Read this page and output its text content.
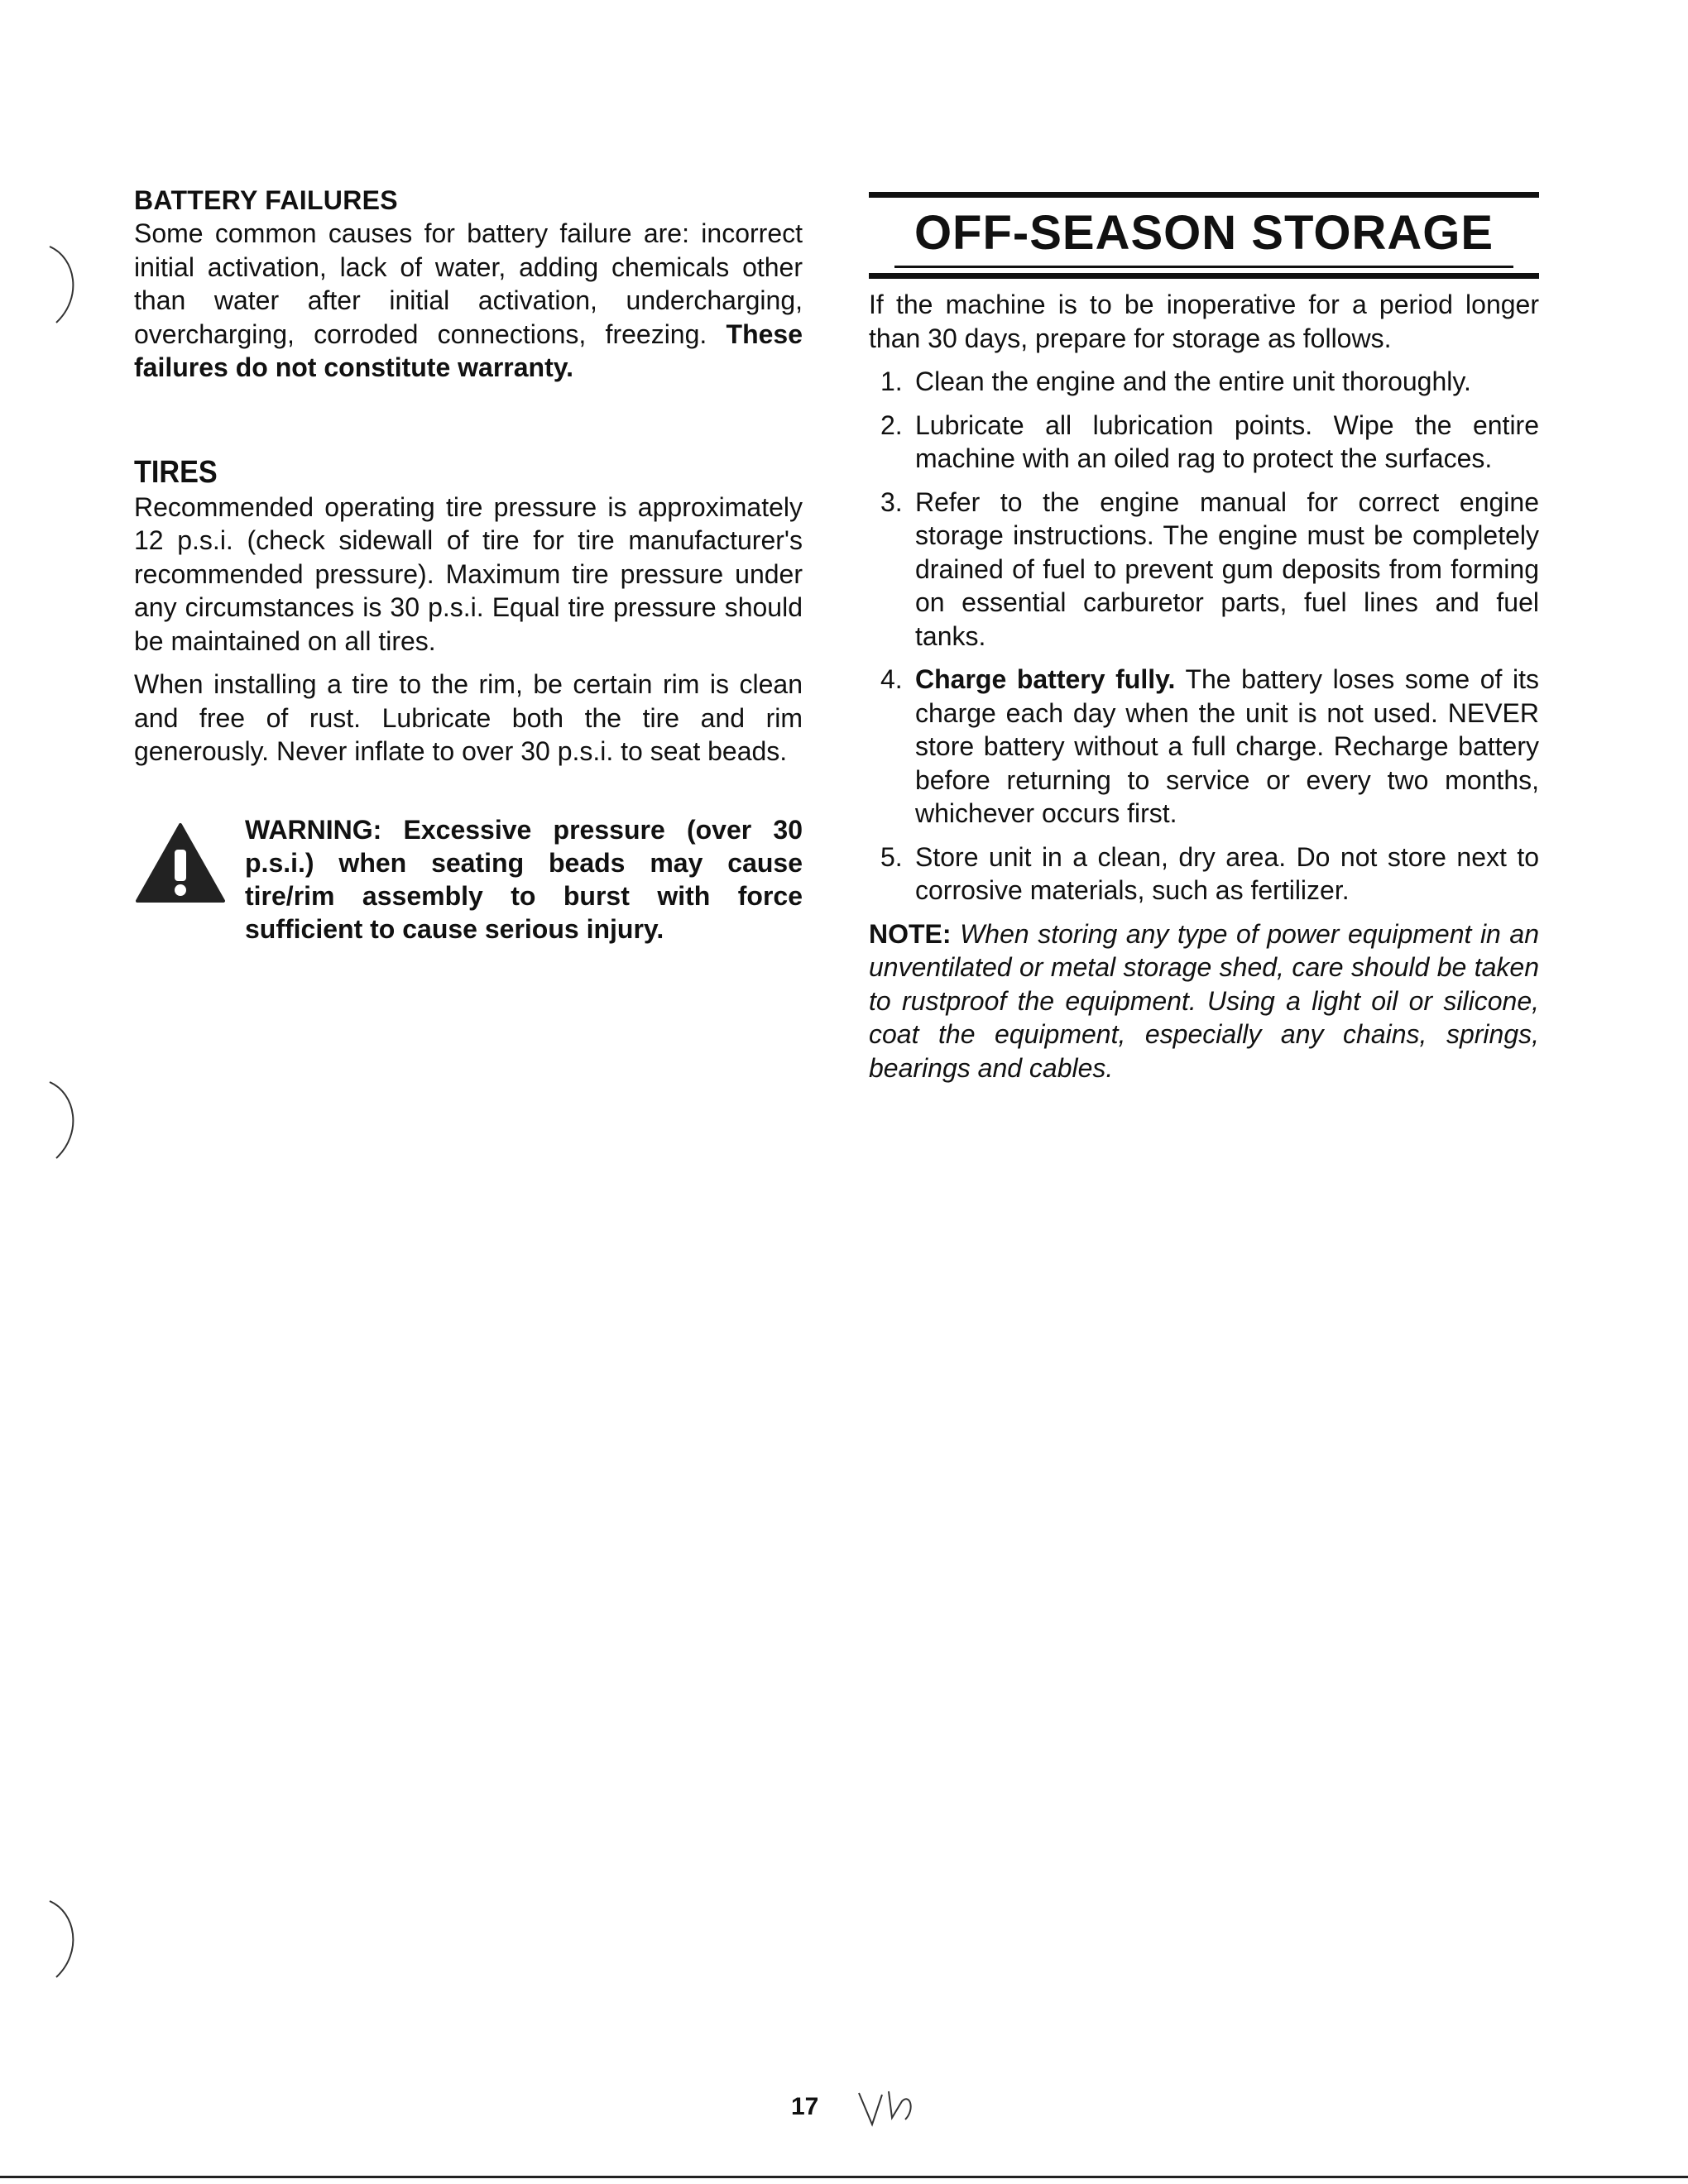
BATTERY FAILURES

Some common causes for battery failure are: incorrect initial activation, lack of water, adding chemicals other than water after initial activation, undercharging, overcharging, corroded connections, freezing. These failures do not constitute warranty.

TIRES

Recommended operating tire pressure is approximately 12 p.s.i. (check sidewall of tire for tire manufacturer's recommended pressure). Maximum tire pressure under any circumstances is 30 p.s.i. Equal tire pressure should be maintained on all tires.

When installing a tire to the rim, be certain rim is clean and free of rust. Lubricate both the tire and rim generously. Never inflate to over 30 p.s.i. to seat beads.

WARNING: Excessive pressure (over 30 p.s.i.) when seating beads may cause tire/rim assembly to burst with force sufficient to cause serious injury.

OFF-SEASON STORAGE

If the machine is to be inoperative for a period longer than 30 days, prepare for storage as follows.

1. Clean the engine and the entire unit thoroughly.
2. Lubricate all lubrication points. Wipe the entire machine with an oiled rag to protect the surfaces.
3. Refer to the engine manual for correct engine storage instructions. The engine must be completely drained of fuel to prevent gum deposits from forming on essential carburetor parts, fuel lines and fuel tanks.
4. Charge battery fully. The battery loses some of its charge each day when the unit is not used. NEVER store battery without a full charge. Recharge battery before returning to service or every two months, whichever occurs first.
5. Store unit in a clean, dry area. Do not store next to corrosive materials, such as fertilizer.

NOTE: When storing any type of power equipment in an unventilated or metal storage shed, care should be taken to rustproof the equipment. Using a light oil or silicone, coat the equipment, especially any chains, springs, bearings and cables.

17
